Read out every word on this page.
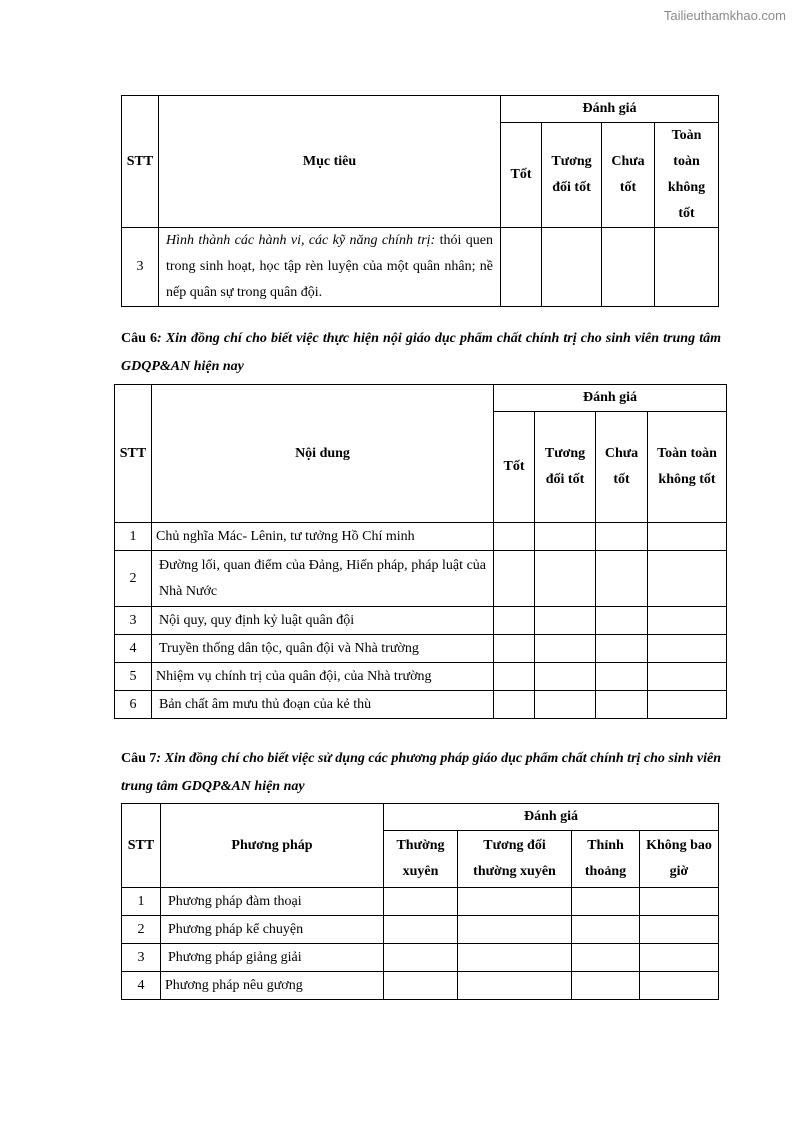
Tailieuthamkhao.com
STT	Mục tiêu	Đánh giá			
		Tốt	Tương đối tốt	Chưa tốt	Toàn toàn không tốt
3	Hình thành các hành vi, các kỹ năng chính trị: thói quen trong sinh hoạt, học tập rèn luyện của một quân nhân; nề nếp quân sự trong quân đội.				
Câu 6: Xin đồng chí cho biết việc thực hiện nội giáo dục phẩm chất chính trị cho sinh viên trung tâm GDQP&AN hiện nay
STT	Nội dung	Đánh giá			
		Tốt	Tương đối tốt	Chưa tốt	Toàn toàn không tốt
1	Chủ nghĩa Mác- Lênin, tư tưởng Hồ Chí minh				
2	Đường lối, quan điểm của Đảng, Hiến pháp, pháp luật của Nhà Nước				
3	Nội quy, quy định kỷ luật quân đội				
4	Truyền thống dân tộc, quân đội và Nhà trường				
5	Nhiệm vụ chính trị của quân đội, của Nhà trường				
6	Bản chất âm mưu thủ đoạn của kẻ thù				
Câu 7: Xin đồng chí cho biết việc sử dụng các phương pháp giáo dục phẩm chất chính trị cho sinh viên trung tâm GDQP&AN hiện nay
STT	Phương pháp	Đánh giá			
		Thường xuyên	Tương đối thường xuyên	Thỉnh thoảng	Không bao giờ
1	Phương pháp đàm thoại				
2	Phương pháp kể chuyện				
3	Phương pháp giảng giải				
4	Phương pháp nêu gương				
